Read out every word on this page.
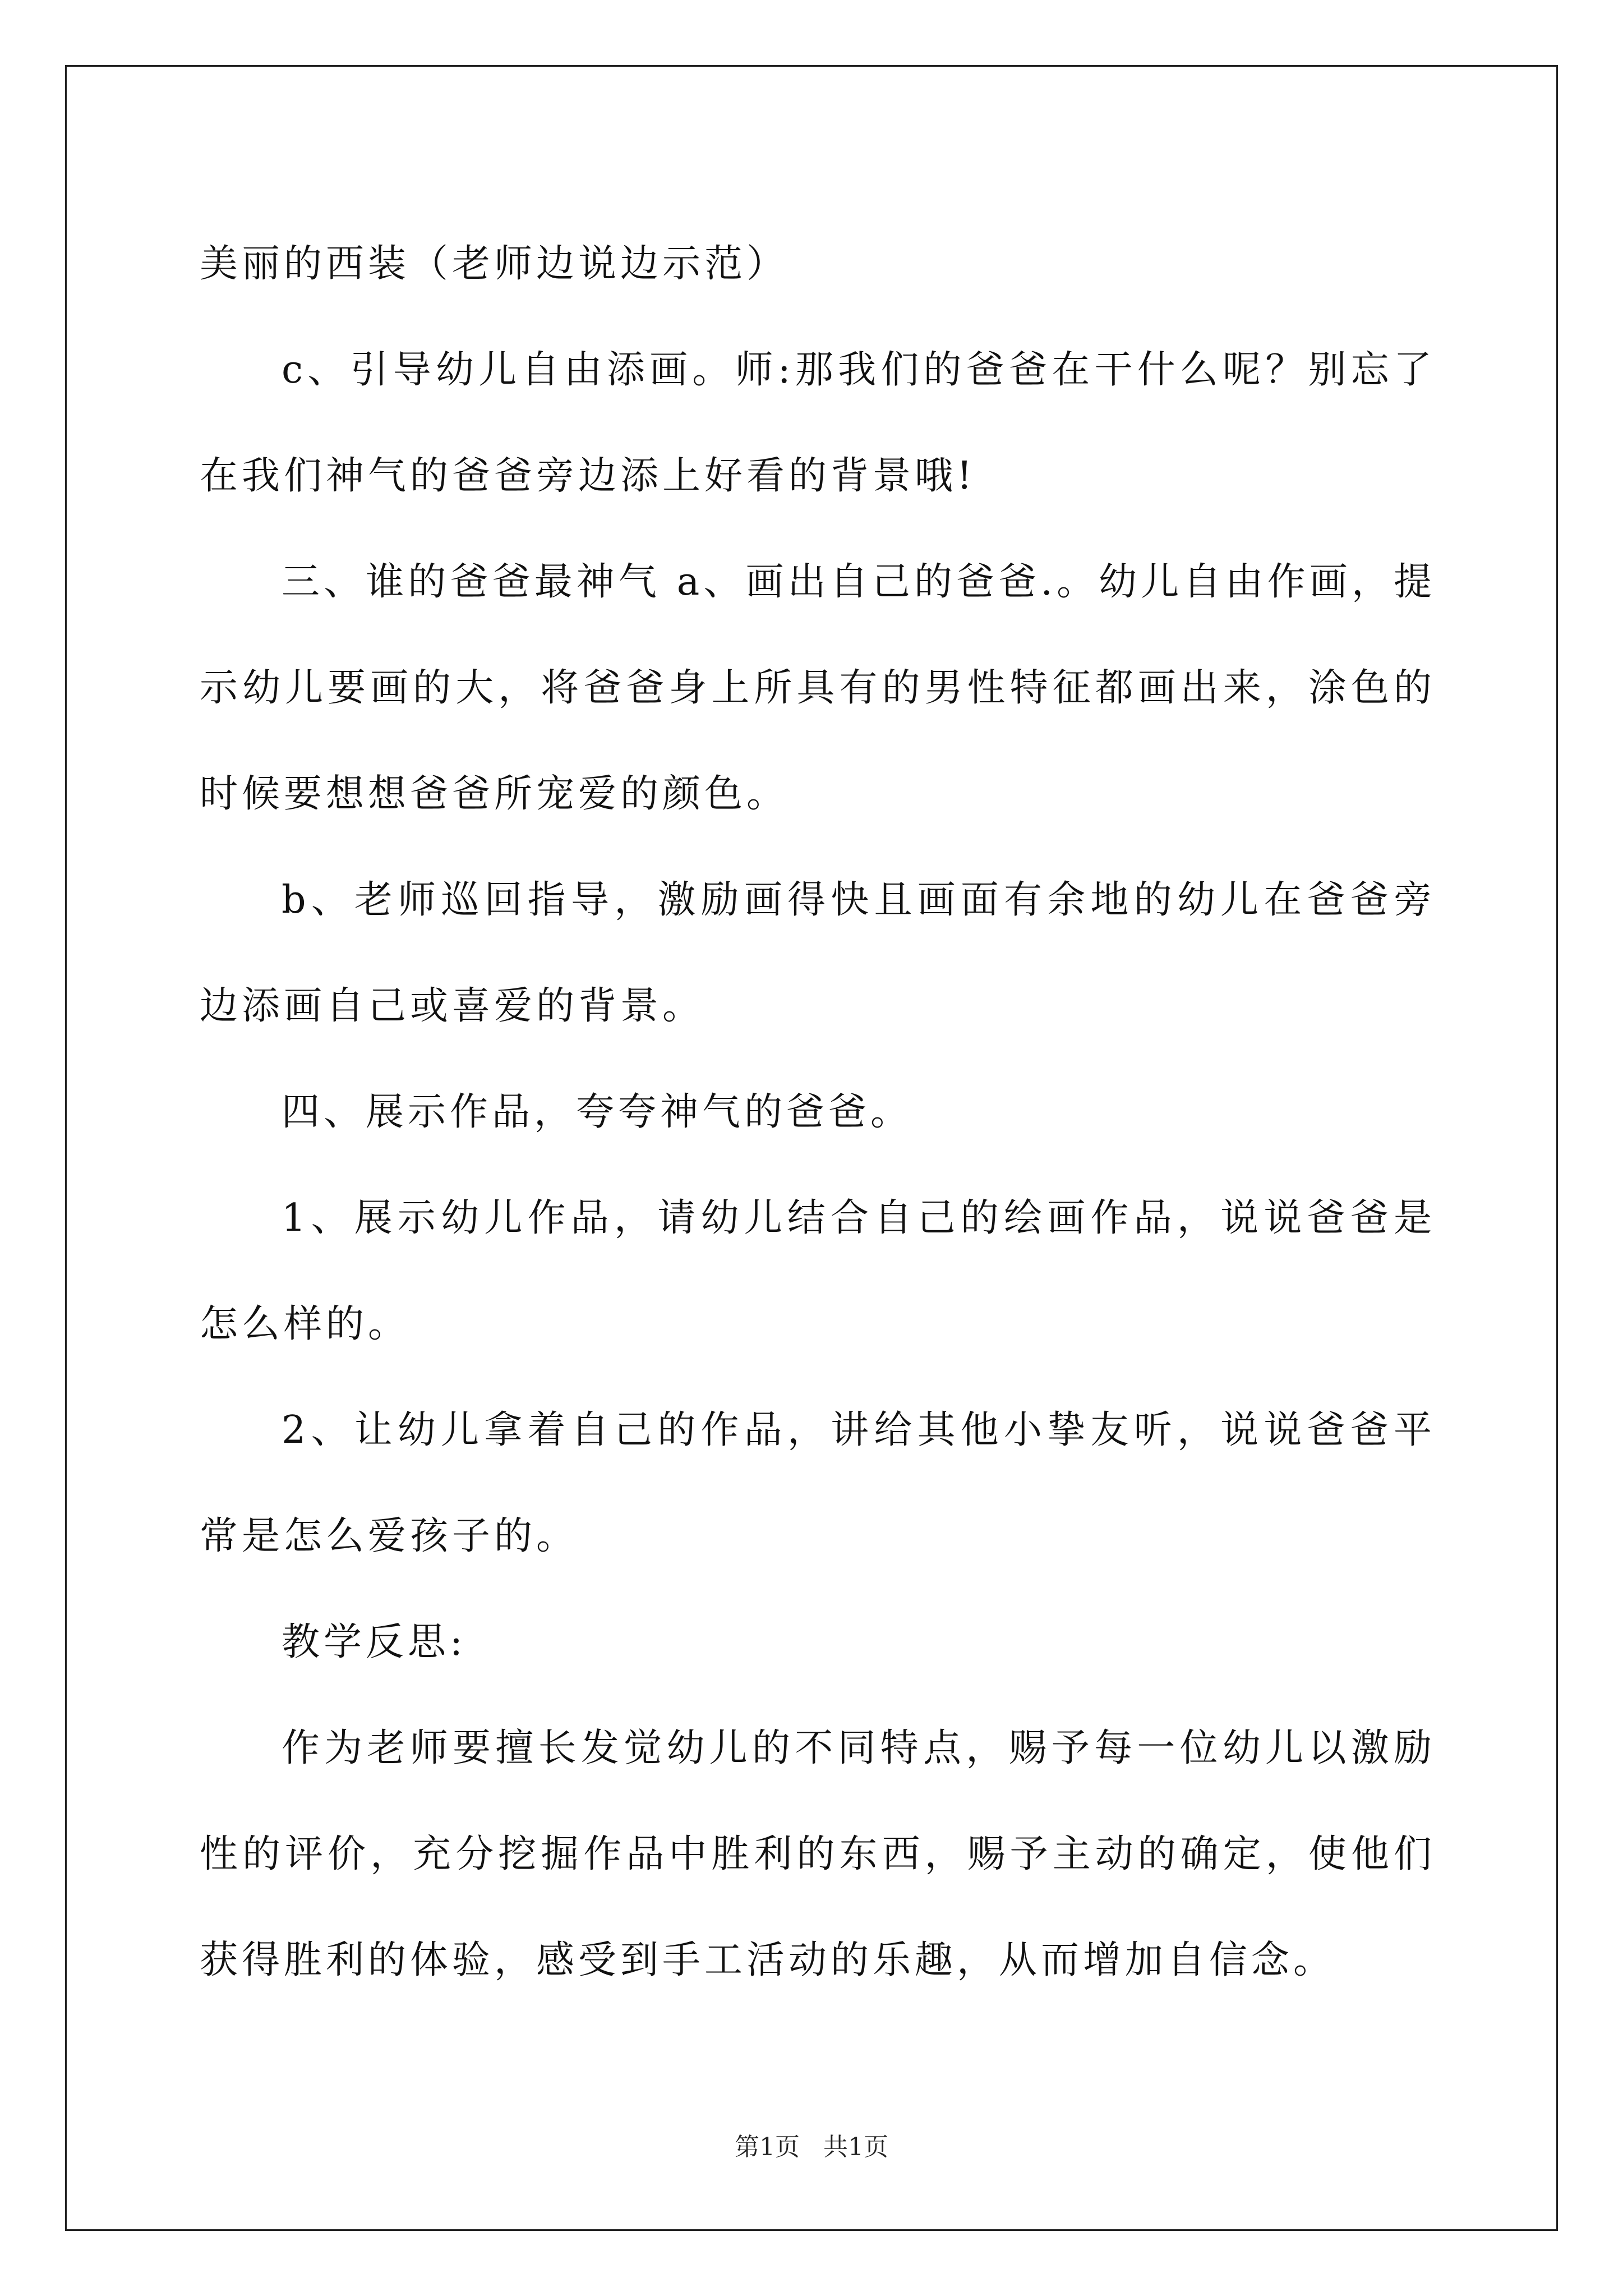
美丽的西装（老师边说边示范）

c、引导幼儿自由添画。师:那我们的爸爸在干什么呢？别忘了在我们神气的爸爸旁边添上好看的背景哦!

三、谁的爸爸最神气 a、画出自己的爸爸.。幼儿自由作画，提示幼儿要画的大，将爸爸身上所具有的男性特征都画出来，涂色的时候要想想爸爸所宠爱的颜色。

b、老师巡回指导，激励画得快且画面有余地的幼儿在爸爸旁边添画自己或喜爱的背景。

四、展示作品，夸夸神气的爸爸。

1、展示幼儿作品，请幼儿结合自己的绘画作品，说说爸爸是怎么样的。

2、让幼儿拿着自己的作品，讲给其他小挚友听，说说爸爸平常是怎么爱孩子的。

教学反思:

作为老师要擅长发觉幼儿的不同特点，赐予每一位幼儿以激励性的评价，充分挖掘作品中胜利的东西，赐予主动的确定，使他们获得胜利的体验，感受到手工活动的乐趣，从而增加自信念。

第1页   共1页
